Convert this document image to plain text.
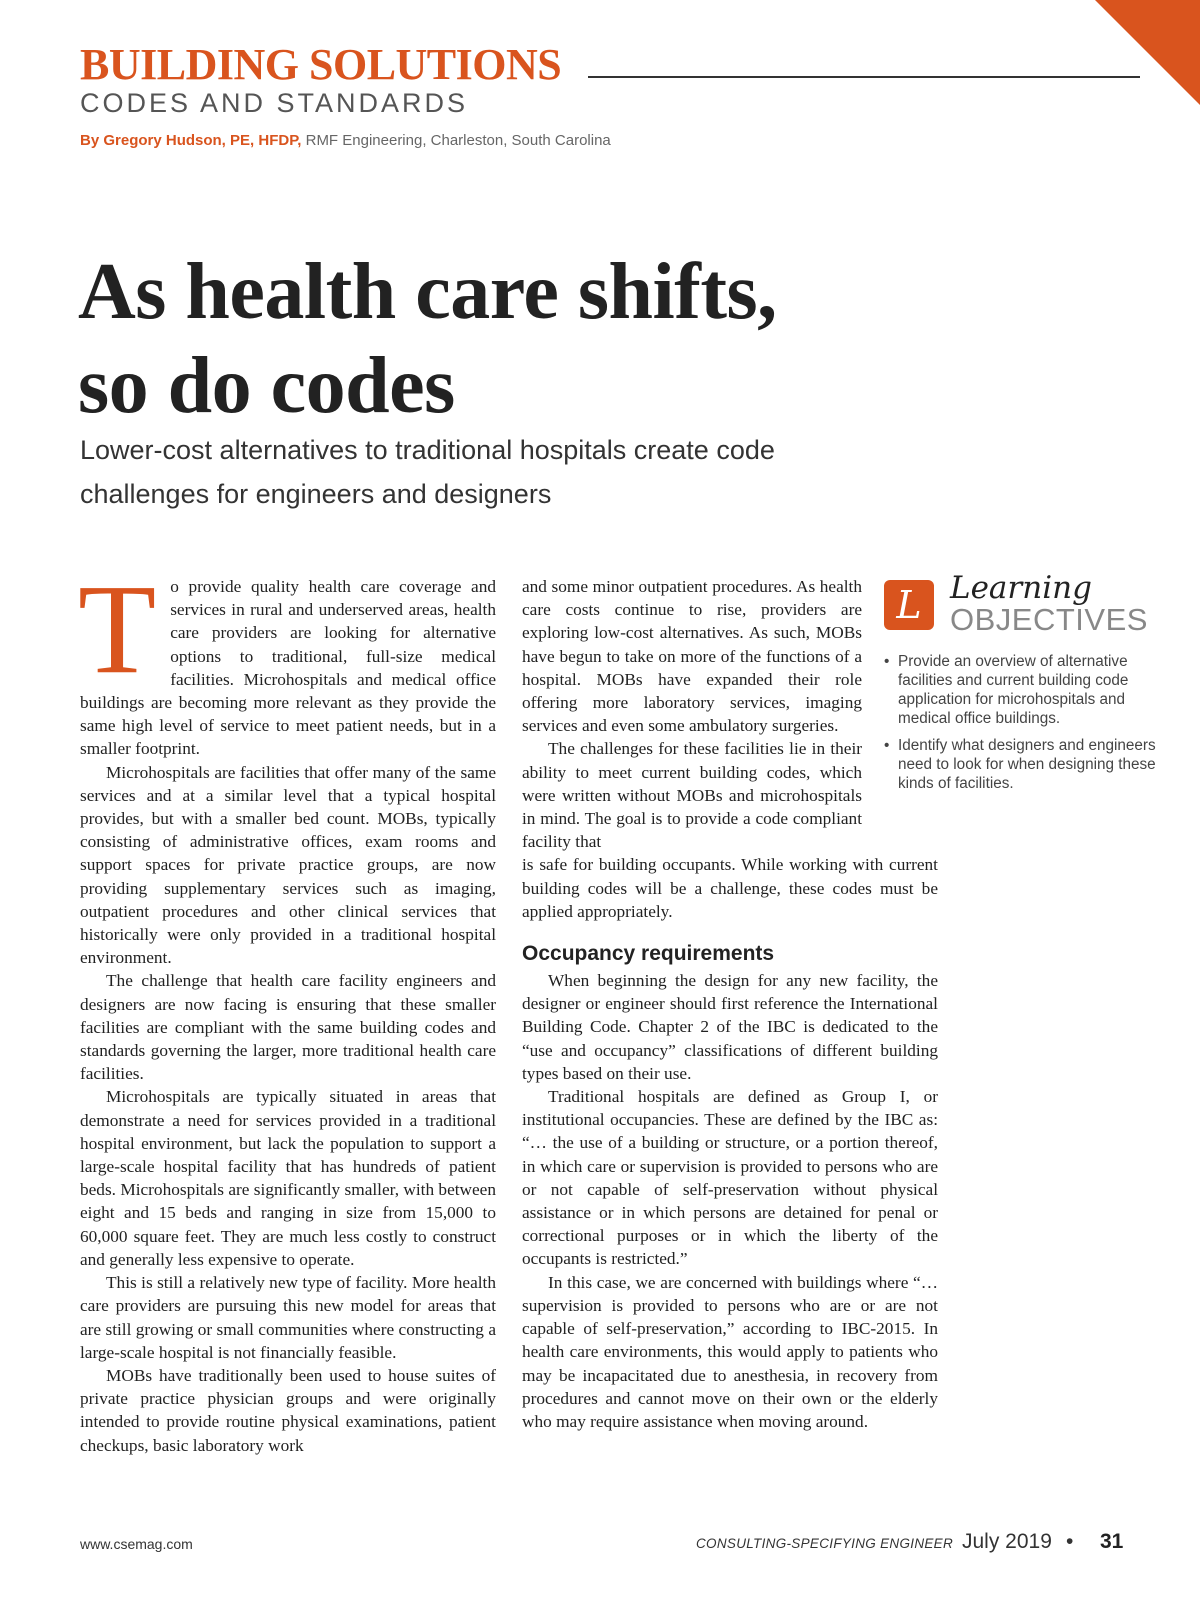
BUILDING SOLUTIONS
CODES AND STANDARDS
By Gregory Hudson, PE, HFDP, RMF Engineering, Charleston, South Carolina
As health care shifts,
so do codes
Lower-cost alternatives to traditional hospitals create code challenges for engineers and designers

To provide quality health care coverage and services in rural and underserved areas, health care providers are looking for alternative options to traditional, full-size medical facilities. Microhospitals and medical office buildings are becoming more relevant as they provide the same high level of service to meet patient needs, but in a smaller footprint.

Microhospitals are facilities that offer many of the same services and at a similar level that a typical hospital provides, but with a smaller bed count. MOBs, typically consisting of administrative offices, exam rooms and support spaces for private practice groups, are now providing supplementary services such as imaging, outpatient procedures and other clinical services that historically were only provided in a traditional hospital environment.

The challenge that health care facility engineers and designers are now facing is ensuring that these smaller facilities are compliant with the same building codes and standards governing the larger, more traditional health care facilities.

Microhospitals are typically situated in areas that demonstrate a need for services provided in a traditional hospital environment, but lack the population to support a large-scale hospital facility that has hundreds of patient beds. Microhospitals are significantly smaller, with between eight and 15 beds and ranging in size from 15,000 to 60,000 square feet. They are much less costly to construct and generally less expensive to operate.

This is still a relatively new type of facility. More health care providers are pursuing this new model for areas that are still growing or small communities where constructing a large-scale hospital is not financially feasible.

MOBs have traditionally been used to house suites of private practice physician groups and were originally intended to provide routine physical examinations, patient checkups, basic laboratory work

and some minor outpatient procedures. As health care costs continue to rise, providers are exploring low-cost alternatives. As such, MOBs have begun to take on more of the functions of a hospital. MOBs have expanded their role offering more laboratory services, imaging services and even some ambulatory surgeries.

The challenges for these facilities lie in their ability to meet current building codes, which were written without MOBs and microhospitals in mind. The goal is to provide a code compliant facility that

is safe for building occupants. While working with current building codes will be a challenge, these codes must be applied appropriately.

Occupancy requirements

When beginning the design for any new facility, the designer or engineer should first reference the International Building Code. Chapter 2 of the IBC is dedicated to the “use and occupancy” classifications of different building types based on their use.

Traditional hospitals are defined as Group I, or institutional occupancies. These are defined by the IBC as: “… the use of a building or structure, or a portion thereof, in which care or supervision is provided to persons who are or not capable of self-preservation without physical assistance or in which persons are detained for penal or correctional purposes or in which the liberty of the occupants is restricted.”

In this case, we are concerned with buildings where “… supervision is provided to persons who are or are not capable of self-preservation,” according to IBC-2015. In health care environments, this would apply to patients who may be incapacitated due to anesthesia, in recovery from procedures and cannot move on their own or the elderly who may require assistance when moving around.

L Learning
OBJECTIVES
• Provide an overview of alternative facilities and current building code application for microhospitals and medical office buildings.
• Identify what designers and engineers need to look for when designing these kinds of facilities.
www.csemag.com	CONSULTING-SPECIFYING ENGINEER July 2019 • 31
